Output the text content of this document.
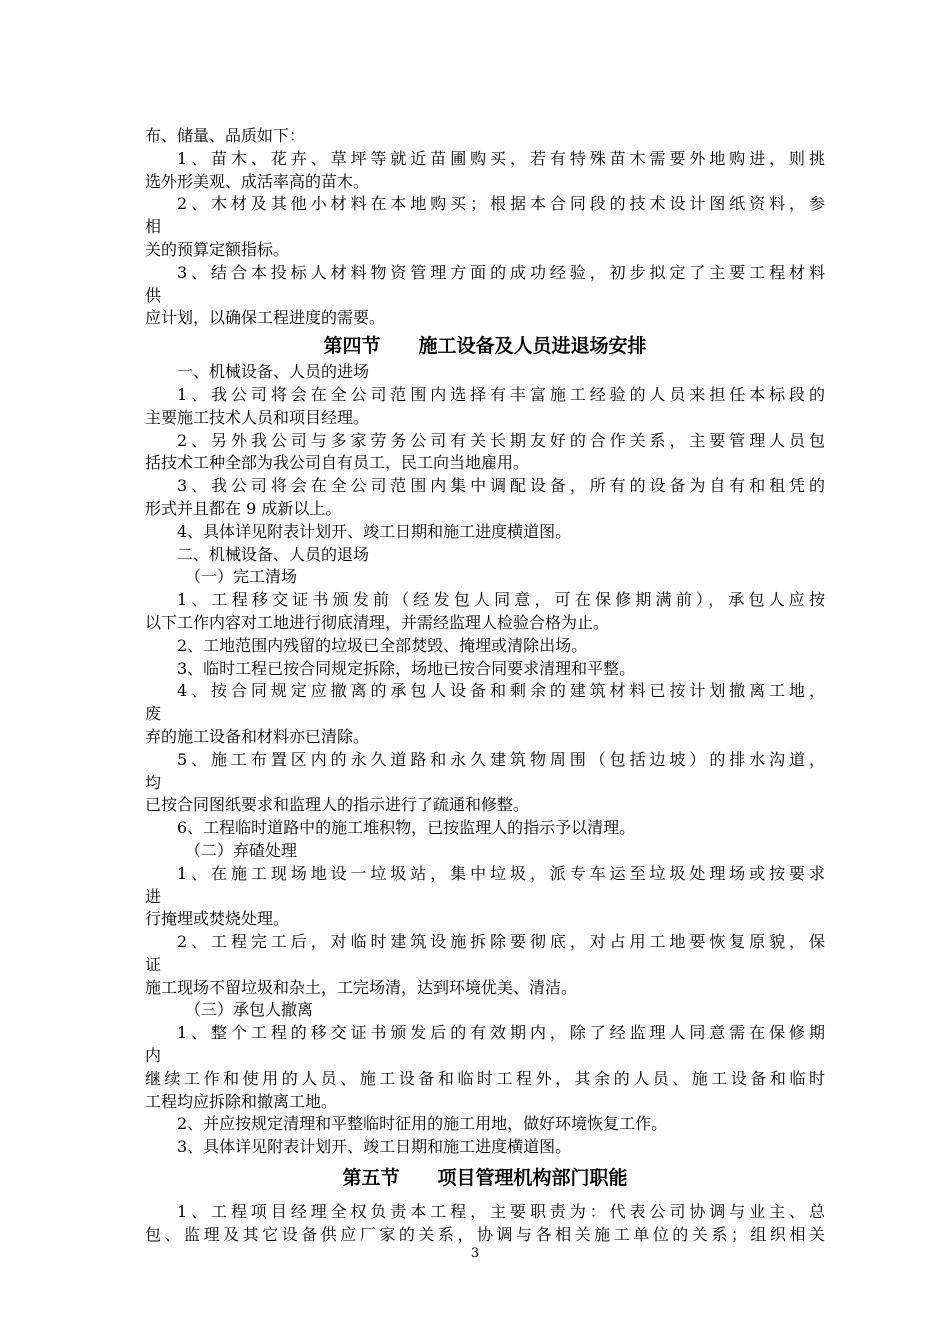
布、储量、品质如下：
1、苗木、花卉、草坪等就近苗圃购买，若有特殊苗木需要外地购进，则挑
选外形美观、成活率高的苗木。
2、木材及其他小材料在本地购买；根据本合同段的技术设计图纸资料，参
相
关的预算定额指标。
3、结合本投标人材料物资管理方面的成功经验，初步拟定了主要工程材料
供
应计划，以确保工程进度的需要。
第四节　　施工设备及人员进退场安排
一、机械设备、人员的进场
1、我公司将会在全公司范围内选择有丰富施工经验的人员来担任本标段的
主要施工技术人员和项目经理。
2、另外我公司与多家劳务公司有关长期友好的合作关系，主要管理人员包
括技术工种全部为我公司自有员工，民工向当地雇用。
3、我公司将会在全公司范围内集中调配设备，所有的设备为自有和租凭的
形式并且都在 9 成新以上。
4、具体详见附表计划开、竣工日期和施工进度横道图。
二、机械设备、人员的退场
（一）完工清场
1、工程移交证书颁发前（经发包人同意，可在保修期满前），承包人应按
以下工作内容对工地进行彻底清理，并需经监理人检验合格为止。
2、工地范围内残留的垃圾已全部焚毁、掩埋或清除出场。
3、临时工程已按合同规定拆除，场地已按合同要求清理和平整。
4、按合同规定应撤离的承包人设备和剩余的建筑材料已按计划撤离工地，
废
弃的施工设备和材料亦已清除。
5、施工布置区内的永久道路和永久建筑物周围（包括边坡）的排水沟道，
均
已按合同图纸要求和监理人的指示进行了疏通和修整。
6、工程临时道路中的施工堆积物，已按监理人的指示予以清理。
（二）弃碴处理
1、在施工现场地设一垃圾站，集中垃圾，派专车运至垃圾处理场或按要求
进
行掩埋或焚烧处理。
2、工程完工后，对临时建筑设施拆除要彻底，对占用工地要恢复原貌，保
证
施工现场不留垃圾和杂土，工完场清，达到环境优美、清洁。
（三）承包人撤离
1、整个工程的移交证书颁发后的有效期内，除了经监理人同意需在保修期
内
继续工作和使用的人员、施工设备和临时工程外，其余的人员、施工设备和临时
工程均应拆除和撤离工地。
2、并应按规定清理和平整临时征用的施工用地，做好环境恢复工作。
3、具体详见附表计划开、竣工日期和施工进度横道图。
第五节　　项目管理机构部门职能
1、工程项目经理全权负责本工程，主要职责为：代表公司协调与业主、总
包、监理及其它设备供应厂家的关系，协调与各相关施工单位的关系；组织相关
3
